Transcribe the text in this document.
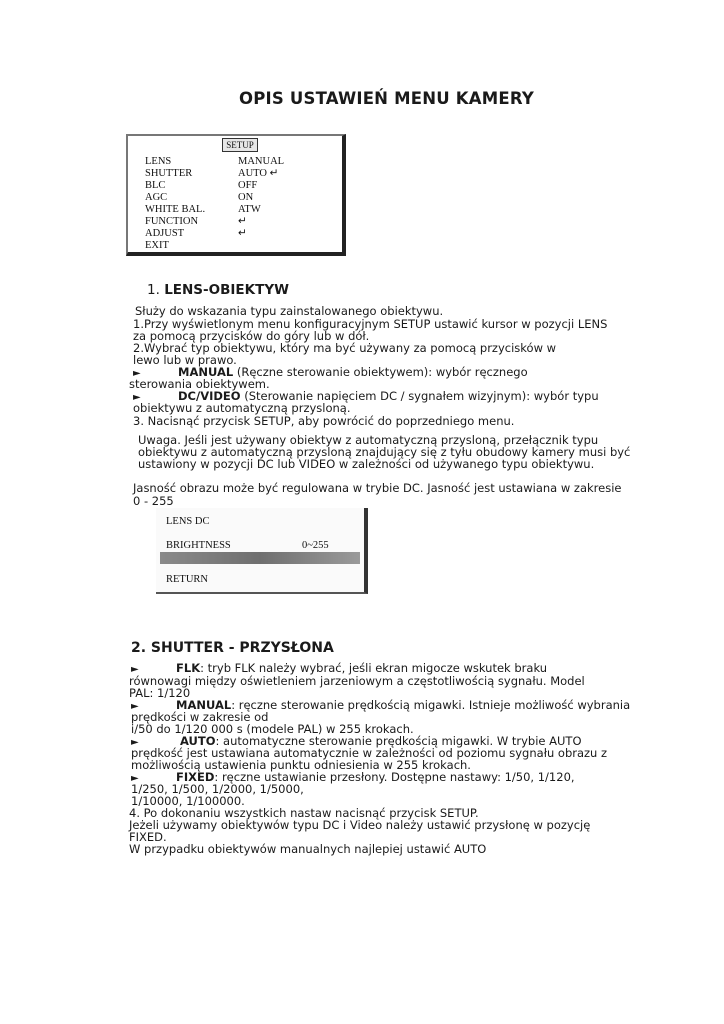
OPIS USTAWIEŃ MENU KAMERY
SETUP
LENS	MANUAL
SHUTTER	AUTO ↵
BLC	OFF
AGC	ON
WHITE BAL.	ATW
FUNCTION	↵
ADJUST	↵
EXIT
1. LENS-OBIEKTYW
Służy do wskazania typu zainstalowanego obiektywu.
1.Przy wyświetlonym menu konfiguracyjnym SETUP ustawić kursor w pozycji LENS
za pomocą przycisków do góry lub w dół.
2.Wybrać typ obiektywu, który ma być używany za pomocą przycisków w
lewo lub w prawo.
►	MANUAL (Ręczne sterowanie obiektywem): wybór ręcznego
sterowania obiektywem.
►	DC/VIDEO (Sterowanie napięciem DC / sygnałem wizyjnym): wybór typu
obiektywu z automatyczną przysloną.
3. Nacisnąć przycisk SETUP, aby powrócić do poprzedniego menu.
Uwaga. Jeśli jest używany obiektyw z automatyczną przysloną, przełącznik typu
obiektywu z automatyczną przysloną znajdujący się z tyłu obudowy kamery musi być
ustawiony w pozycji DC lub VIDEO w zależności od używanego typu obiektywu.
Jasność obrazu może być regulowana w trybie DC. Jasność jest ustawiana w zakresie
0 - 255
LENS DC
BRIGHTNESS	0~255
RETURN
2. SHUTTER - PRZYSŁONA
►	FLK: tryb FLK należy wybrać, jeśli ekran migocze wskutek braku
równowagi między oświetleniem jarzeniowym a częstotliwością sygnału. Model
PAL: 1/120
►	MANUAL: ręczne sterowanie prędkością migawki. Istnieje możliwość wybrania
prędkości w zakresie od
i/50 do 1/120 000 s (modele PAL) w 255 krokach.
►	AUTO: automatyczne sterowanie prędkością migawki. W trybie AUTO
prędkość jest ustawiana automatycznie w zależności od poziomu sygnału obrazu z
możliwością ustawienia punktu odniesienia w 255 krokach.
►	FIXED: ręczne ustawianie przesłony. Dostępne nastawy: 1/50, 1/120,
1/250, 1/500, 1/2000, 1/5000,
1/10000, 1/100000.
4. Po dokonaniu wszystkich nastaw nacisnąć przycisk SETUP.
Jeżeli używamy obiektywów typu DC i Video należy ustawić przysłonę w pozycję
FIXED.
W przypadku obiektywów manualnych najlepiej ustawić AUTO
